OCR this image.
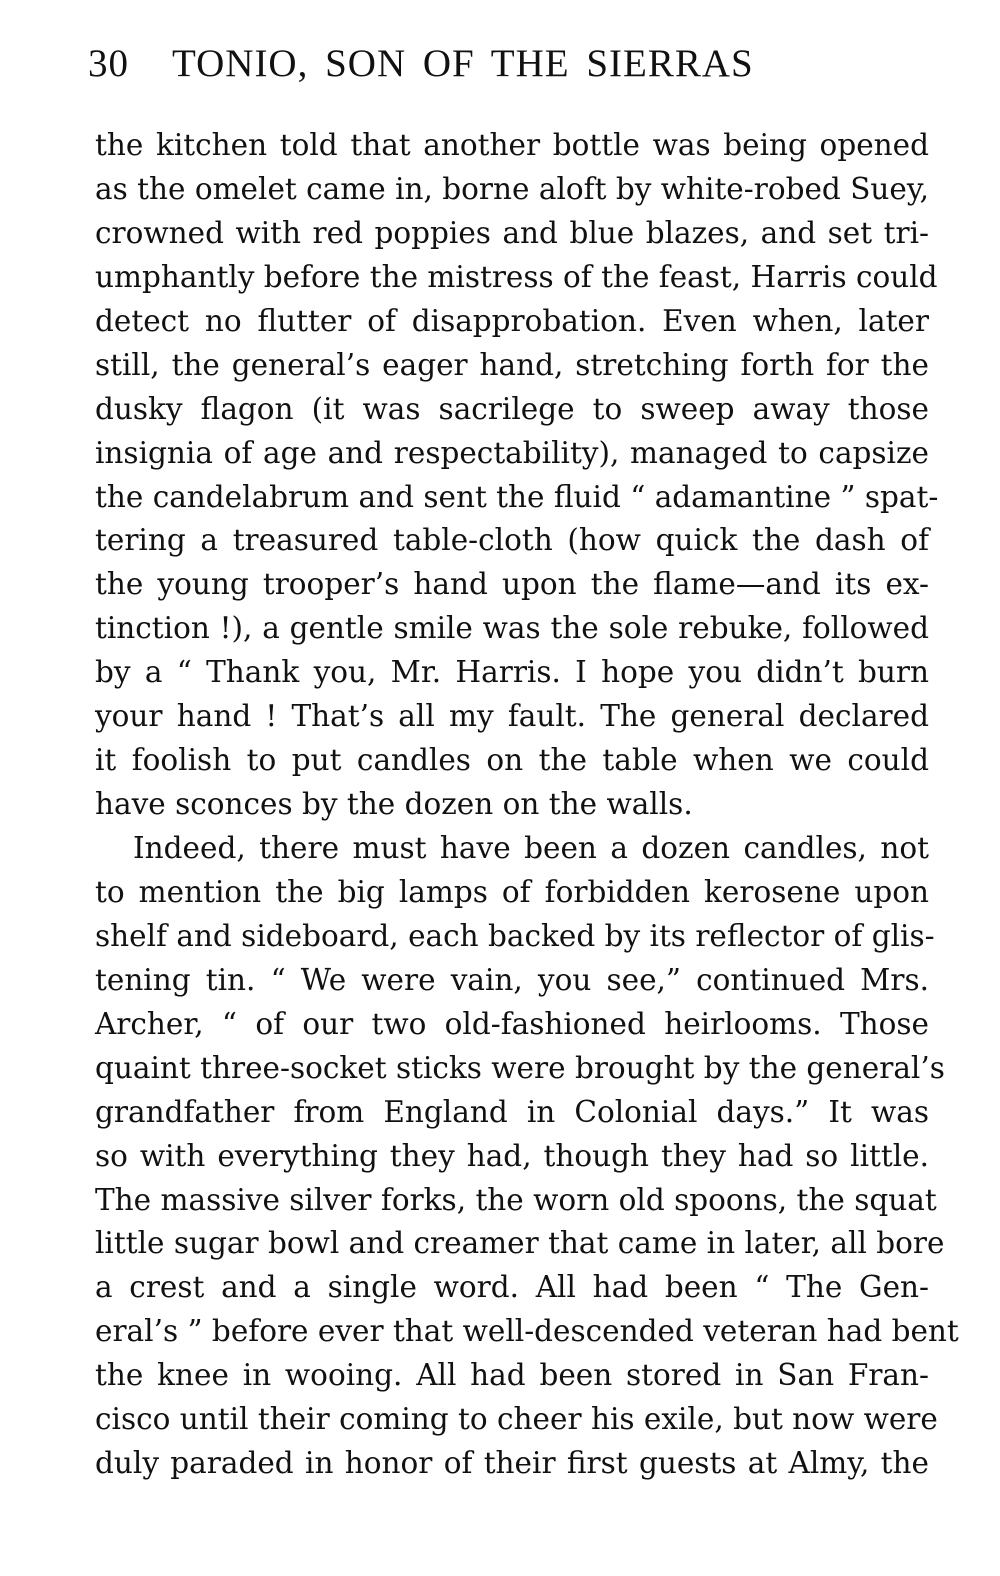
30 TONIO, SON OF THE SIERRAS
the kitchen told that another bottle was being opened
as the omelet came in, borne aloft by white-robed Suey,
crowned with red poppies and blue blazes, and set tri-
umphantly before the mistress of the feast, Harris could
detect no flutter of disapprobation. Even when, later
still, the general’s eager hand, stretching forth for the
dusky flagon (it was sacrilege to sweep away those
insignia of age and respectability), managed to capsize
the candelabrum and sent the fluid “ adamantine ” spat-
tering a treasured table-cloth (how quick the dash of
the young trooper’s hand upon the flame—and its ex-
tinction !), a gentle smile was the sole rebuke, followed
by a “ Thank you, Mr. Harris. I hope you didn’t burn
your hand ! That’s all my fault. The general declared
it foolish to put candles on the table when we could
have sconces by the dozen on the walls.
Indeed, there must have been a dozen candles, not
to mention the big lamps of forbidden kerosene upon
shelf and sideboard, each backed by its reflector of glis-
tening tin. “ We were vain, you see,” continued Mrs.
Archer, “ of our two old-fashioned heirlooms. Those
quaint three-socket sticks were brought by the general’s
grandfather from England in Colonial days.” It was
so with everything they had, though they had so little.
The massive silver forks, the worn old spoons, the squat
little sugar bowl and creamer that came in later, all bore
a crest and a single word. All had been “ The Gen-
eral’s ” before ever that well-descended veteran had bent
the knee in wooing. All had been stored in San Fran-
cisco until their coming to cheer his exile, but now were
duly paraded in honor of their first guests at Almy, the
